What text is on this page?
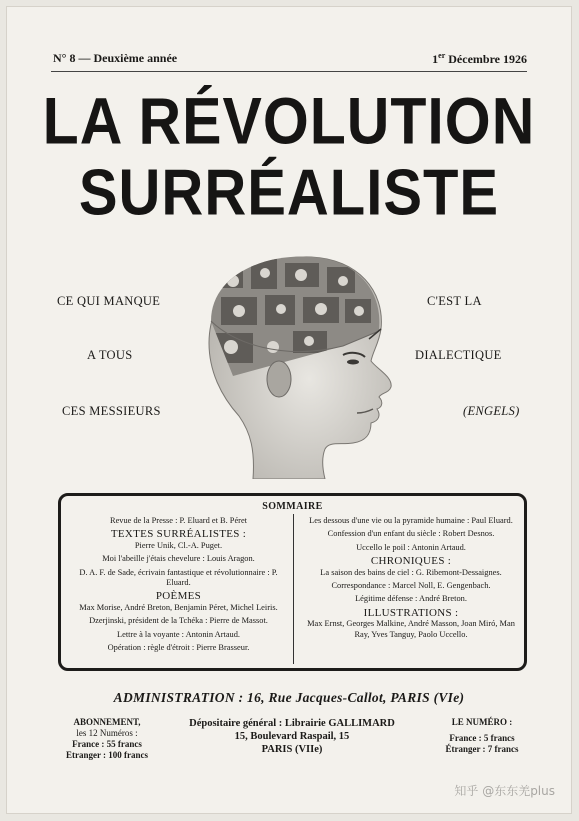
N° 8 — Deuxième année	1er Décembre 1926
LA RÉVOLUTION
SURRÉALISTE
CE QUI MANQUE
A TOUS
CES MESSIEURS
C'EST LA
DIALECTIQUE
(ENGELS)
SOMMAIRE

Revue de la Presse : P. Eluard et B. Péret

TEXTES SURRÉALISTES :

Pierre Unik, Cl.-A. Puget.

Moi l'abeille j'étais chevelure : Louis Aragon.

D. A. F. de Sade, écrivain fantastique et révolutionnaire : P. Eluard.

POÈMES

Max Morise, André Breton, Benjamin Péret, Michel Leiris.

Dzerjinski, président de la Tchéka : Pierre de Massot.

Lettre à la voyante : Antonin Artaud.

Opération : règle d'étroit : Pierre Brasseur.

Les dessous d'une vie ou la pyramide humaine : Paul Eluard.

Confession d'un enfant du siècle : Robert Desnos.

Uccello le poil : Antonin Artaud.

CHRONIQUES :

La saison des bains de ciel : G. Ribemont-Dessaignes.

Correspondance : Marcel Noll, E. Gengenbach.

Légitime défense : André Breton.

ILLUSTRATIONS :

Max Ernst, Georges Malkine, André Masson, Joan Miró, Man Ray, Yves Tanguy, Paolo Uccello.

ADMINISTRATION : 16, Rue Jacques-Callot, PARIS (VIe)
ABONNEMENT,
les 12 Numéros :
France : 55 francs
Etranger : 100 francs
Dépositaire général : Librairie GALLIMARD
15, Boulevard Raspail, 15
PARIS (VIIe)
LE NUMÉRO :
France : 5 francs
Étranger : 7 francs
知乎 @东东羌plus
